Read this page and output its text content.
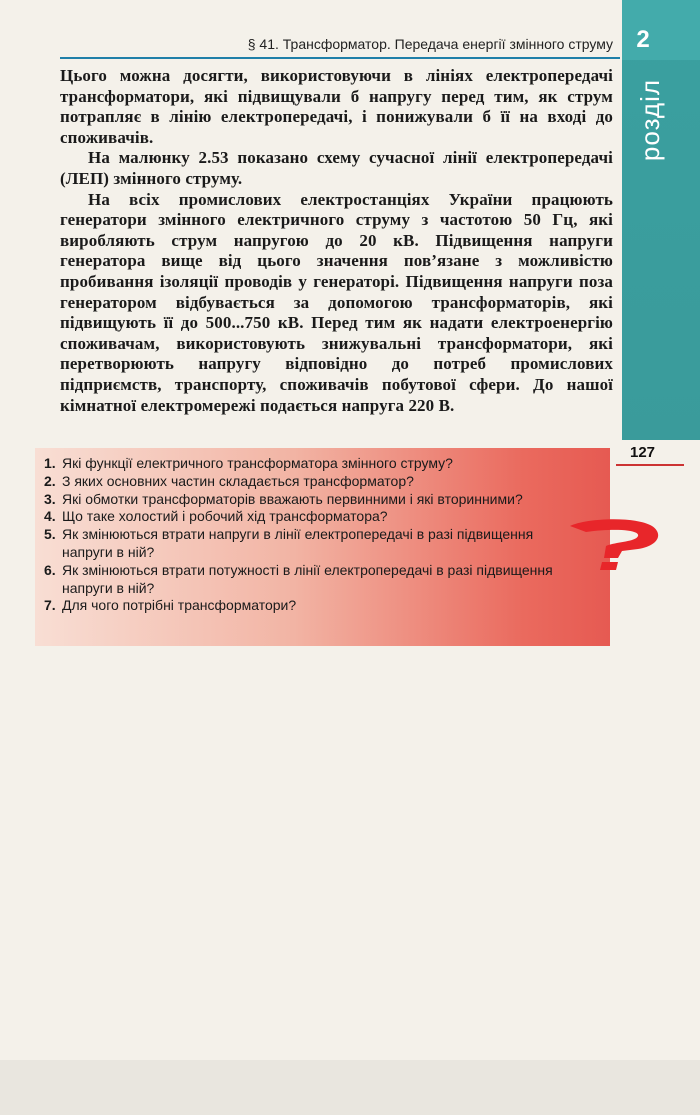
§ 41. Трансформатор. Передача енергії змінного струму 2
розділ
127

Цього можна досягти, використовуючи в лініях електропередачі трансформатори, які підвищували б напругу перед тим, як струм потрапляє в лінію електропередачі, і понижували б її на вході до споживачів.

На малюнку 2.53 показано схему сучасної лінії електропередачі (ЛЕП) змінного струму.

На всіх промислових електростанціях України працюють генератори змінного електричного струму з частотою 50 Гц, які виробляють струм напругою до 20 кВ. Підвищення напруги генератора вище від цього значення пов’язане з можливістю пробивання ізоляції проводів у генераторі. Підвищення напруги поза генератором відбувається за допомогою трансформаторів, які підвищують її до 500...750 кВ. Перед тим як надати електроенергію споживачам, використовують знижувальні трансформатори, які перетворюють напругу відповідно до потреб промислових підприємств, транспорту, споживачів побутової сфери. До нашої кімнатної електромережі подається напруга 220 В.

1. Які функції електричного трансформатора змінного струму?
2. З яких основних частин складається трансформатор?
3. Які обмотки трансформаторів вважають первинними і які вторинними?
4. Що таке холостий і робочий хід трансформатора?
5. Як змінюються втрати напруги в лінії електропередачі в разі підвищення напруги в ній?
6. Як змінюються втрати потужності в лінії електропередачі в разі підвищення напруги в ній?
7. Для чого потрібні трансформатори?
